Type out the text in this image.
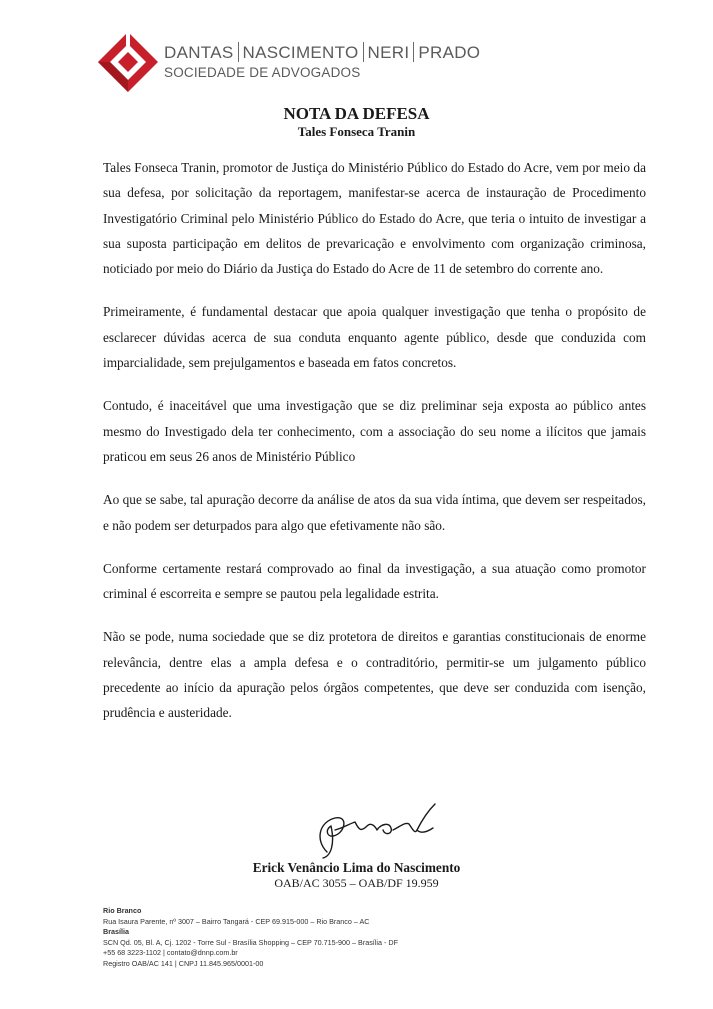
DANTAS NASCIMENTO NERI PRADO
SOCIEDADE DE ADVOGADOS
NOTA DA DEFESA
Tales Fonseca Tranin

Tales Fonseca Tranin, promotor de Justiça do Ministério Público do Estado do Acre, vem por meio da sua defesa, por solicitação da reportagem, manifestar-se acerca de instauração de Procedimento Investigatório Criminal pelo Ministério Público do Estado do Acre, que teria o intuito de investigar a sua suposta participação em delitos de prevaricação e envolvimento com organização criminosa, noticiado por meio do Diário da Justiça do Estado do Acre de 11 de setembro do corrente ano.

Primeiramente, é fundamental destacar que apoia qualquer investigação que tenha o propósito de esclarecer dúvidas acerca de sua conduta enquanto agente público, desde que conduzida com imparcialidade, sem prejulgamentos e baseada em fatos concretos.

Contudo, é inaceitável que uma investigação que se diz preliminar seja exposta ao público antes mesmo do Investigado dela ter conhecimento, com a associação do seu nome a ilícitos que jamais praticou em seus 26 anos de Ministério Público

Ao que se sabe, tal apuração decorre da análise de atos da sua vida íntima, que devem ser respeitados, e não podem ser deturpados para algo que efetivamente não são.

Conforme certamente restará comprovado ao final da investigação, a sua atuação como promotor criminal é escorreita e sempre se pautou pela legalidade estrita.

Não se pode, numa sociedade que se diz protetora de direitos e garantias constitucionais de enorme relevância, dentre elas a ampla defesa e o contraditório, permitir-se um julgamento público precedente ao início da apuração pelos órgãos competentes, que deve ser conduzida com isenção, prudência e austeridade.

Erick Venâncio Lima do Nascimento
OAB/AC 3055 – OAB/DF 19.959
Rio Branco
Rua Isaura Parente, nº 3007 – Bairro Tangará - CEP 69.915-000 – Rio Branco – AC
Brasília
SCN Qd. 05, Bl. A, Cj. 1202 - Torre Sul - Brasília Shopping – CEP 70.715-900 – Brasília - DF
+55 68 3223-1102 | contato@dnnp.com.br
Registro OAB/AC 141 | CNPJ 11.845.965/0001-00
